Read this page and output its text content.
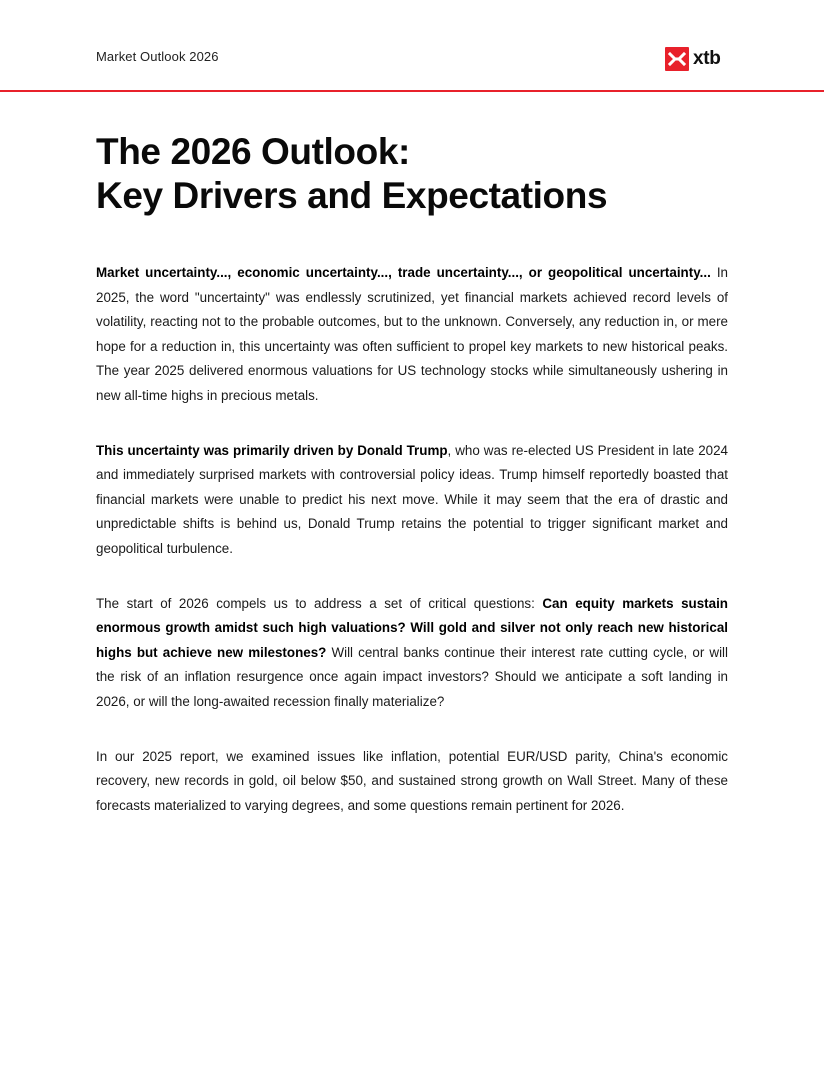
Market Outlook 2026	xtb
The 2026 Outlook:
Key Drivers and Expectations

Market uncertainty..., economic uncertainty..., trade uncertainty..., or geopolitical uncertainty... In 2025, the word "uncertainty" was endlessly scrutinized, yet financial markets achieved record levels of volatility, reacting not to the probable outcomes, but to the unknown. Conversely, any reduction in, or mere hope for a reduction in, this uncertainty was often sufficient to propel key markets to new historical peaks. The year 2025 delivered enormous valuations for US technology stocks while simultaneously ushering in new all-time highs in precious metals.

This uncertainty was primarily driven by Donald Trump, who was re-elected US President in late 2024 and immediately surprised markets with controversial policy ideas. Trump himself reportedly boasted that financial markets were unable to predict his next move. While it may seem that the era of drastic and unpredictable shifts is behind us, Donald Trump retains the potential to trigger significant market and geopolitical turbulence.

The start of 2026 compels us to address a set of critical questions: Can equity markets sustain enormous growth amidst such high valuations? Will gold and silver not only reach new historical highs but achieve new milestones? Will central banks continue their interest rate cutting cycle, or will the risk of an inflation resurgence once again impact investors? Should we anticipate a soft landing in 2026, or will the long-awaited recession finally materialize?

In our 2025 report, we examined issues like inflation, potential EUR/USD parity, China's economic recovery, new records in gold, oil below $50, and sustained strong growth on Wall Street. Many of these forecasts materialized to varying degrees, and some questions remain pertinent for 2026.
